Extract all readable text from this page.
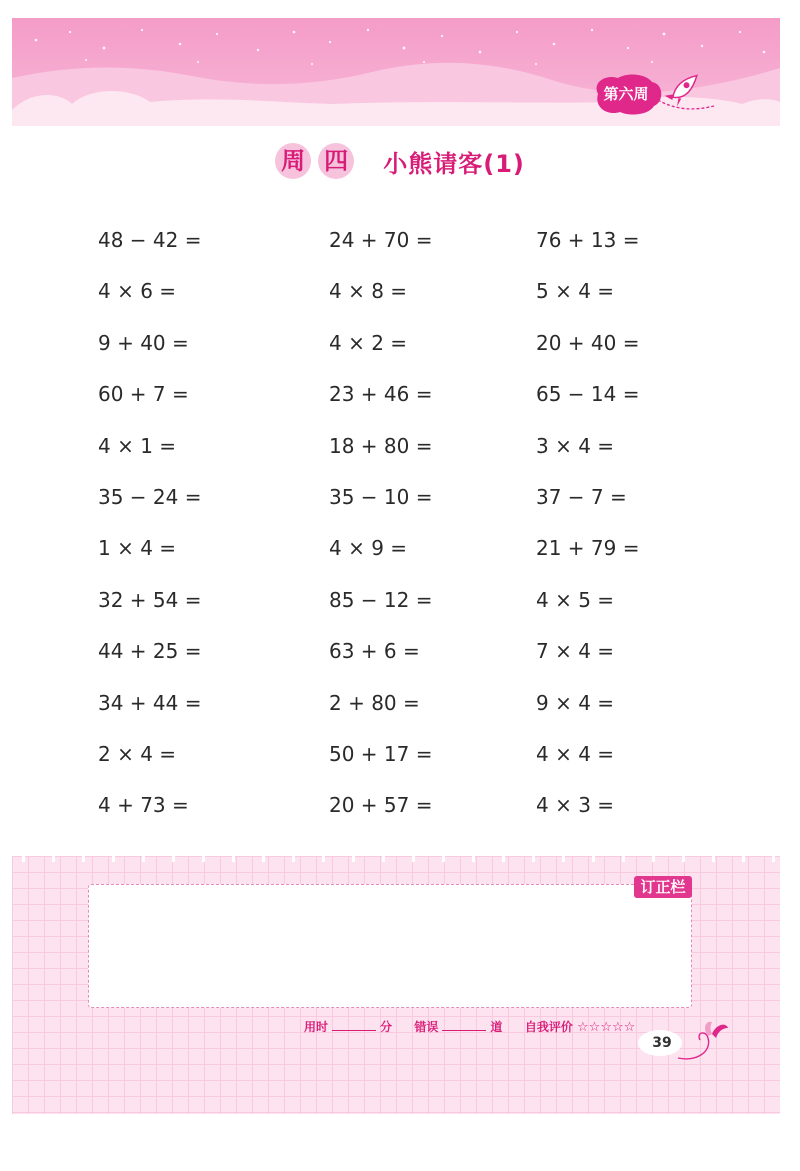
第六周
周 四 小熊请客(1)
48 − 42 =	24 + 70 =	76 + 13 =
4 × 6 =	4 × 8 =	5 × 4 =
9 + 40 =	4 × 2 =	20 + 40 =
60 + 7 =	23 + 46 =	65 − 14 =
4 × 1 =	18 + 80 =	3 × 4 =
35 − 24 =	35 − 10 =	37 − 7 =
1 × 4 =	4 × 9 =	21 + 79 =
32 + 54 =	85 − 12 =	4 × 5 =
44 + 25 =	63 + 6 =	7 × 4 =
34 + 44 =	2 + 80 =	9 × 4 =
2 × 4 =	50 + 17 =	4 × 4 =
4 + 73 =	20 + 57 =	4 × 3 =
订正栏
用时	分 错误	道 自我评价 ☆☆☆☆☆
39
